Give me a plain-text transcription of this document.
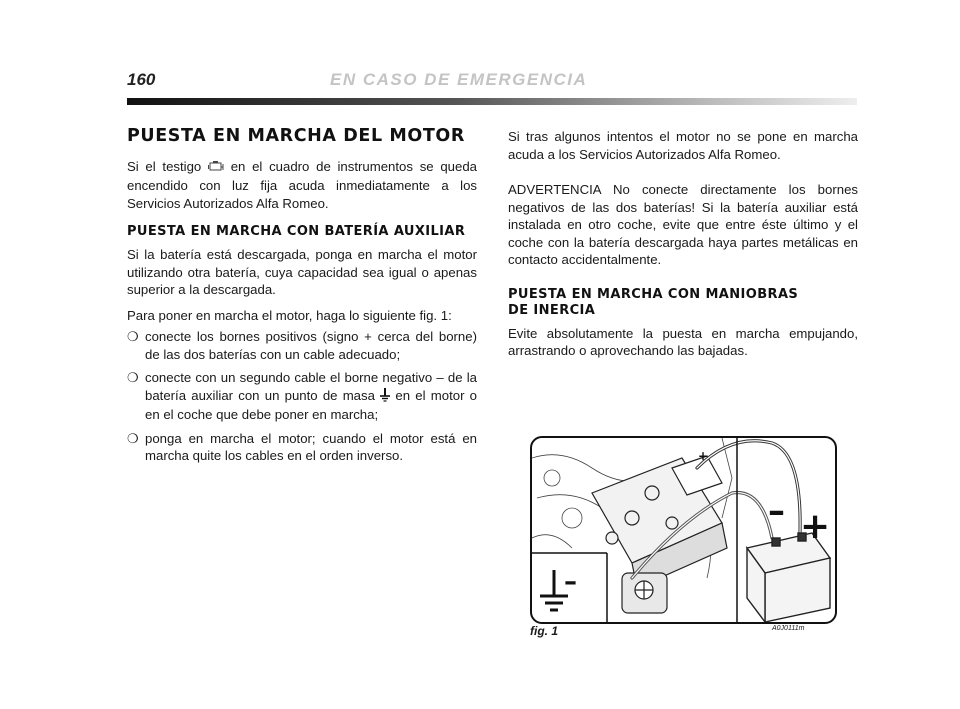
160	EN CASO DE EMERGENCIA
PUESTA EN MARCHA DEL MOTOR

Si el testigo en el cuadro de instrumentos se queda encendido con luz fija acuda inmediatamente a los Servicios Autorizados Alfa Romeo.

PUESTA EN MARCHA CON BATERÍA AUXILIAR

Si la batería está descargada, ponga en marcha el motor utilizando otra batería, cuya capacidad sea igual o apenas superior a la descargada.

Para poner en marcha el motor, haga lo siguiente fig. 1:

❍ conecte los bornes positivos (signo + cerca del borne) de las dos baterías con un cable adecuado;
❍ conecte con un segundo cable el borne negativo – de la batería auxiliar con un punto de masa en el motor o en el coche que debe poner en marcha;
❍ ponga en marcha el motor; cuando el motor está en marcha quite los cables en el orden inverso.

Si tras algunos intentos el motor no se pone en marcha acuda a los Servicios Autorizados Alfa Romeo.

ADVERTENCIA No conecte directamente los bornes negativos de las dos baterías! Si la batería auxiliar está instalada en otro coche, evite que entre éste último y el coche con la batería descargada haya partes metálicas en contacto accidentalmente.

PUESTA EN MARCHA CON MANIOBRAS
DE INERCIA

Evite absolutamente la puesta en marcha empujando, arrastrando o aprovechando las bajadas.

–
– +
+
fig. 1	A0J0111m
